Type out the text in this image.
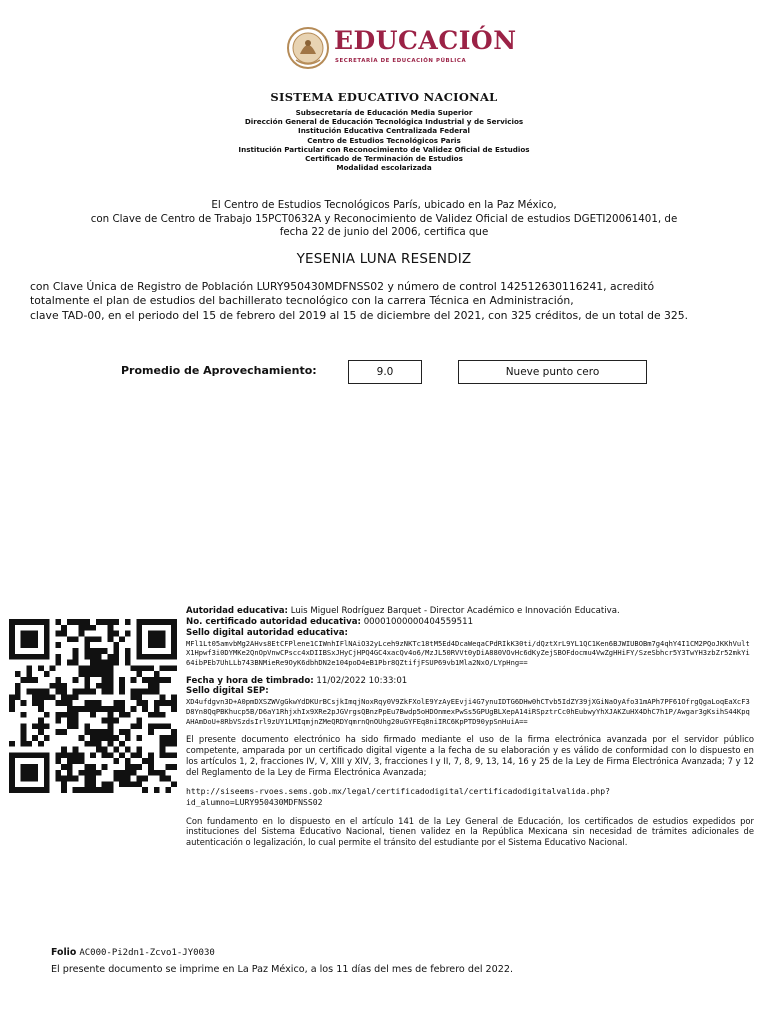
EDUCACIÓN
SECRETARÍA DE EDUCACIÓN PÚBLICA
SISTEMA EDUCATIVO NACIONAL
Subsecretaría de Educación Media Superior
Dirección General de Educación Tecnológica Industrial y de Servicios
Institución Educativa Centralizada Federal
Centro de Estudios Tecnológicos Paris
Institución Particular con Reconocimiento de Validez Oficial de Estudios
Certificado de Terminación de Estudios
Modalidad escolarizada
El Centro de Estudios Tecnológicos París, ubicado en la Paz México,
con Clave de Centro de Trabajo 15PCT0632A y Reconocimiento de Validez Oficial de estudios DGETI20061401, de
fecha 22 de junio del 2006, certifica que
YESENIA LUNA RESENDIZ
con Clave Única de Registro de Población LURY950430MDFNSS02 y número de control 142512630116241, acreditó
totalmente el plan de estudios del bachillerato tecnológico con la carrera Técnica en Administración,
clave TAD-00, en el periodo del 15 de febrero del 2019 al 15 de diciembre del 2021, con 325 créditos, de un total de 325.
Promedio de Aprovechamiento:	9.0	Nueve punto cero
Autoridad educativa: Luis Miguel Rodríguez Barquet - Director Académico e Innovación Educativa.
No. certificado autoridad educativa: 00001000000404559511
Sello digital autoridad educativa:
MFl1Lt05amvbMg2AHvs8EtCFPlene1CIWnhIFlNAiO32yLceh9zNKTc18tM5Ed4DcaWeqaCPdRIkK30ti/dQztXrL9YL1QC1Ken6BJWIUBOBm7g4qhY4I1CM2PQoJKKhVultX1Hpwf3i0DYMKe2QnOpVnwCPscc4xDIIBSxJHyCjHPQ4GC4xacQv4o6/MzJL50RVVt0yDiA880VOvHc6dKyZejSBOFdocmu4VwZgHHiFY/SzeSbhcr5Y3TwYH3zbZr52mkYi64ibPEb7UhLLb743BNMieRe9OyK6dbhDN2e104poD4eB1Pbr8QZtifjFSUP69vb1Mla2NxO/LYpHng==
Fecha y hora de timbrado: 11/02/2022 10:33:01
Sello digital SEP:
XD4ufdgvn3D+A0pmDXSZWVgGkwYdDKUrBCsjkImqjNoxRqy0V9ZkFXolE9YzAyEEvji4G7ynuIDTG6DHw0hCTvb5IdZY39jXGiNaOyAfo31mAPh7PF61OfrgQgaLoqEaXcF3D8Yn8QqPBKhucp5B/D6aY1RhjxhIx9XRe2pJGVrgsQBnzPpEu7Bwdp5oHDOnmexPwSs5GPUgBLXepA14iRSpztrCc0hEubwyYhXJAKZuHX4DhC7h1P/Awgar3gKsihS44KpqAHAmDoU+8RbVSzdsIrl9zUY1LMIqmjnZMeQRDYqmrnQnOUhg20uGYFEq8niIRC6KpPTD90ypSnHuiA==
El presente documento electrónico ha sido firmado mediante el uso de la firma electrónica avanzada por el servidor público competente, amparada por un certificado digital vigente a la fecha de su elaboración y es válido de conformidad con lo dispuesto en los artículos 1, 2, fracciones IV, V, XIII y XIV, 3, fracciones I y II, 7, 8, 9, 13, 14, 16 y 25 de la Ley de Firma Electrónica Avanzada; 7 y 12 del Reglamento de la Ley de Firma Electrónica Avanzada;
http://siseems-rvoes.sems.gob.mx/legal/certificadodigital/certificadodigitalvalida.php?
id_alumno=LURY950430MDFNSS02
Con fundamento en lo dispuesto en el artículo 141 de la Ley General de Educación, los certificados de estudios expedidos por instituciones del Sistema Educativo Nacional, tienen validez en la República Mexicana sin necesidad de trámites adicionales de autenticación o legalización, lo cual permite el tránsito del estudiante por el Sistema Educativo Nacional.
Folio AC000-Pi2dn1-Zcvo1-JY0030
El presente documento se imprime en La Paz México, a los 11 días del mes de febrero del 2022.
